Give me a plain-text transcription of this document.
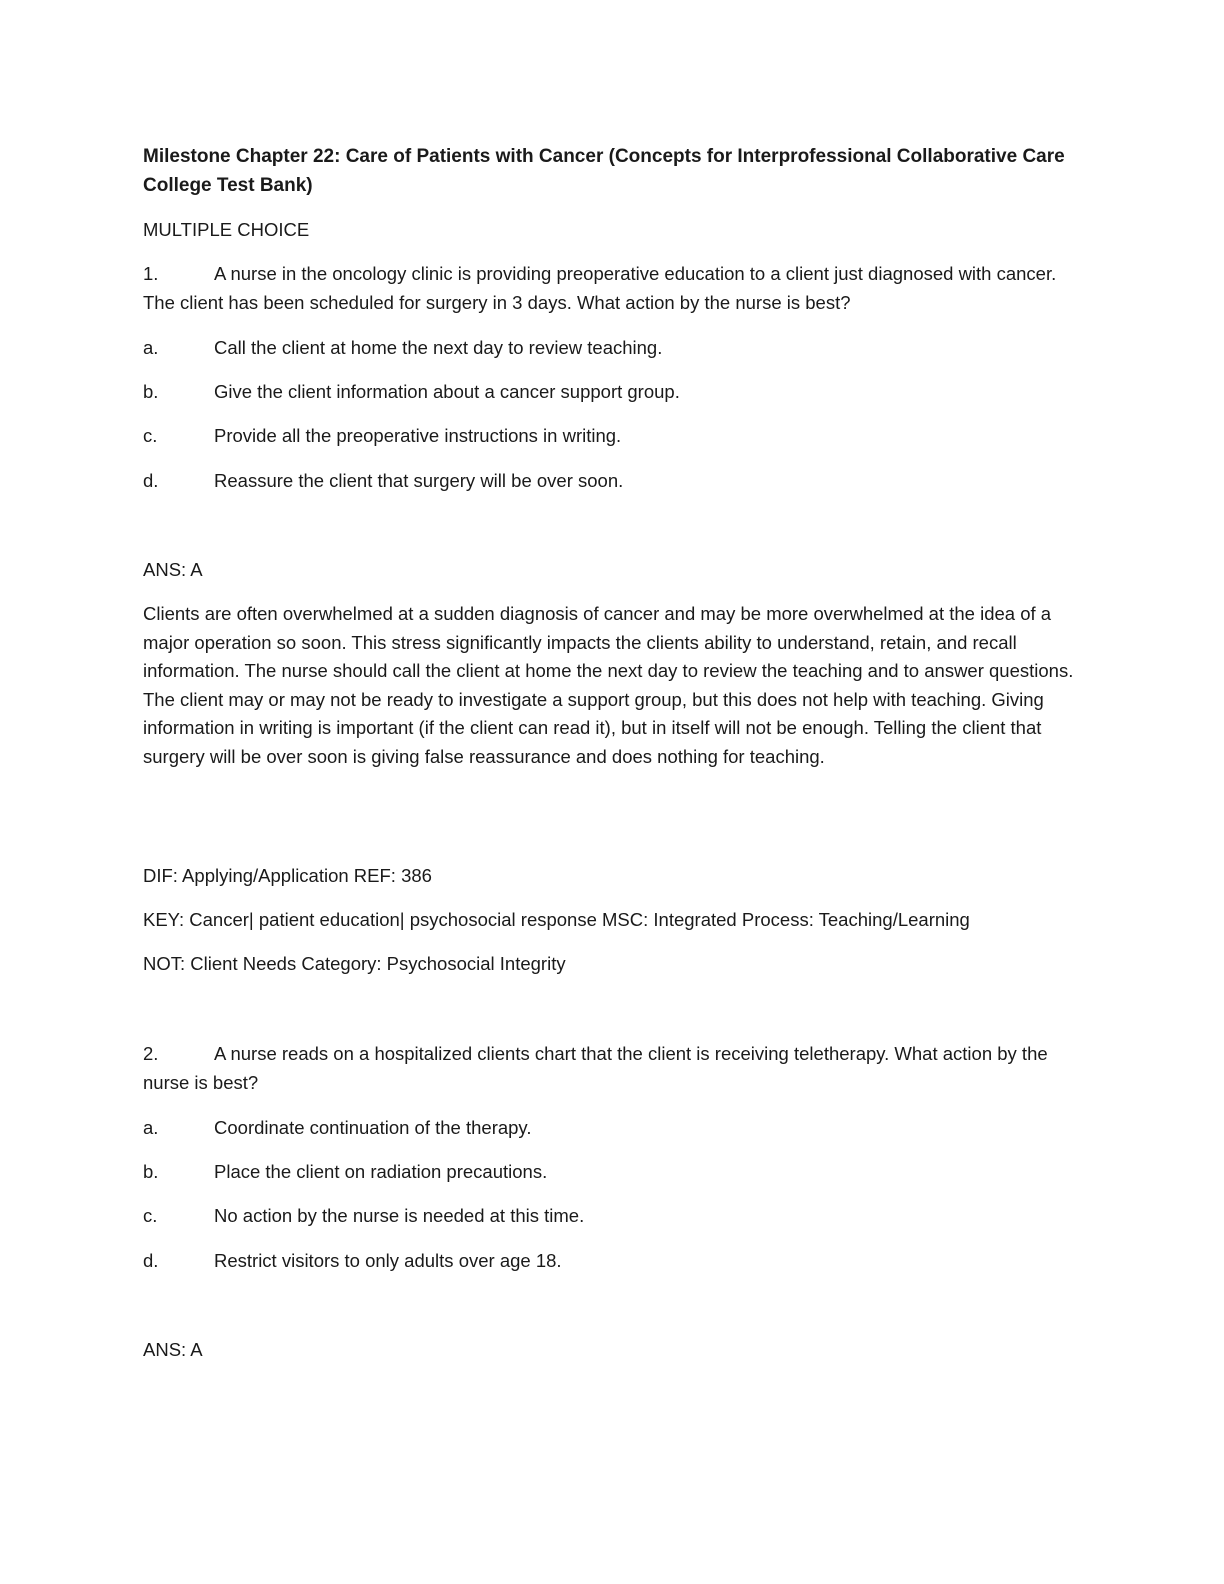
Milestone Chapter 22: Care of Patients with Cancer (Concepts for Interprofessional Collaborative Care College Test Bank)

MULTIPLE CHOICE

1.	A nurse in the oncology clinic is providing preoperative education to a client just diagnosed with cancer. The client has been scheduled for surgery in 3 days. What action by the nurse is best?

a.	Call the client at home the next day to review teaching.

b.	Give the client information about a cancer support group.

c.	Provide all the preoperative instructions in writing.

d.	Reassure the client that surgery will be over soon.

ANS: A

Clients are often overwhelmed at a sudden diagnosis of cancer and may be more overwhelmed at the idea of a major operation so soon. This stress significantly impacts the clients ability to understand, retain, and recall information. The nurse should call the client at home the next day to review the teaching and to answer questions. The client may or may not be ready to investigate a support group, but this does not help with teaching. Giving information in writing is important (if the client can read it), but in itself will not be enough. Telling the client that surgery will be over soon is giving false reassurance and does nothing for teaching.

DIF: Applying/Application REF: 386

KEY: Cancer| patient education| psychosocial response MSC: Integrated Process: Teaching/Learning

NOT: Client Needs Category: Psychosocial Integrity

2.	A nurse reads on a hospitalized clients chart that the client is receiving teletherapy. What action by the nurse is best?

a.	Coordinate continuation of the therapy.

b.	Place the client on radiation precautions.

c.	No action by the nurse is needed at this time.

d.	Restrict visitors to only adults over age 18.

ANS: A
